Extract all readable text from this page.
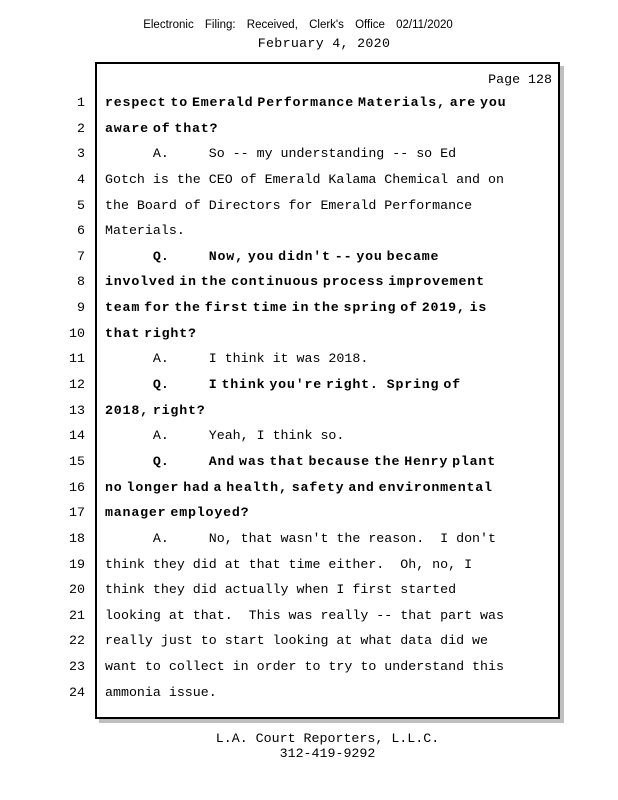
Electronic Filing: Received, Clerk's Office 02/11/2020
February 4, 2020
Page 128
1 respect to Emerald Performance Materials, are you
2 aware of that?
3 A.     So -- my understanding -- so Ed
4 Gotch is the CEO of Emerald Kalama Chemical and on
5 the Board of Directors for Emerald Performance
6 Materials.
7 Q.     Now, you didn't -- you became
8 involved in the continuous process improvement
9 team for the first time in the spring of 2019, is
10 that right?
11 A.     I think it was 2018.
12 Q.     I think you're right.  Spring of
13 2018, right?
14 A.     Yeah, I think so.
15 Q.     And was that because the Henry plant
16 no longer had a health, safety and environmental
17 manager employed?
18 A.     No, that wasn't the reason.  I don't
19 think they did at that time either.  Oh, no, I
20 think they did actually when I first started
21 looking at that.  This was really -- that part was
22 really just to start looking at what data did we
23 want to collect in order to try to understand this
24 ammonia issue.
L.A. Court Reporters, L.L.C.
312-419-9292
